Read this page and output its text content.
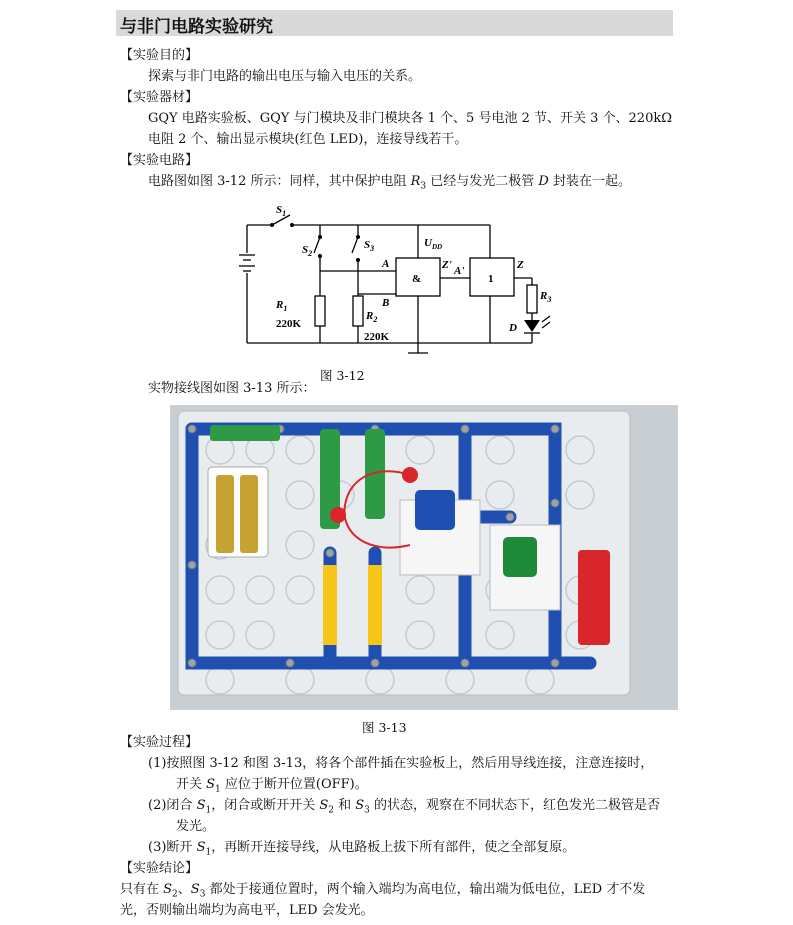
与非门电路实验研究
【实验目的】
探索与非门电路的输出电压与输入电压的关系。
【实验器材】
GQY 电路实验板、GQY 与门模块及非门模块各 1 个、5 号电池 2 节、开关 3 个、220kΩ
电阻 2 个、输出显示模块(红色 LED)，连接导线若干。
【实验电路】
电路图如图 3-12 所示：同样，其中保护电阻 $R_3$ 已经与发光二极管 D 封装在一起。
$S_1$
$S_2$
$S_3$
A
B
$U_{DD}$
&	1
Z' A'	Z
$R_1$
220K
$R_2$
220K
$R_3$
D
图 3-12
实物接线图如图 3-13 所示：
图 3-13
【实验过程】
(1)按照图 3-12 和图 3-13，将各个部件插在实验板上，然后用导线连接，注意连接时，
开关 $S_1$ 应位于断开位置(OFF)。
(2)闭合 $S_1$，闭合或断开开关 $S_2$ 和 $S_3$ 的状态，观察在不同状态下，红色发光二极管是否
发光。
(3)断开 $S_1$，再断开连接导线，从电路板上拔下所有部件，使之全部复原。
【实验结论】
只有在 $S_2$、$S_3$ 都处于接通位置时，两个输入端均为高电位，输出端为低电位，LED 才不发
光，否则输出端均为高电平，LED 会发光。
